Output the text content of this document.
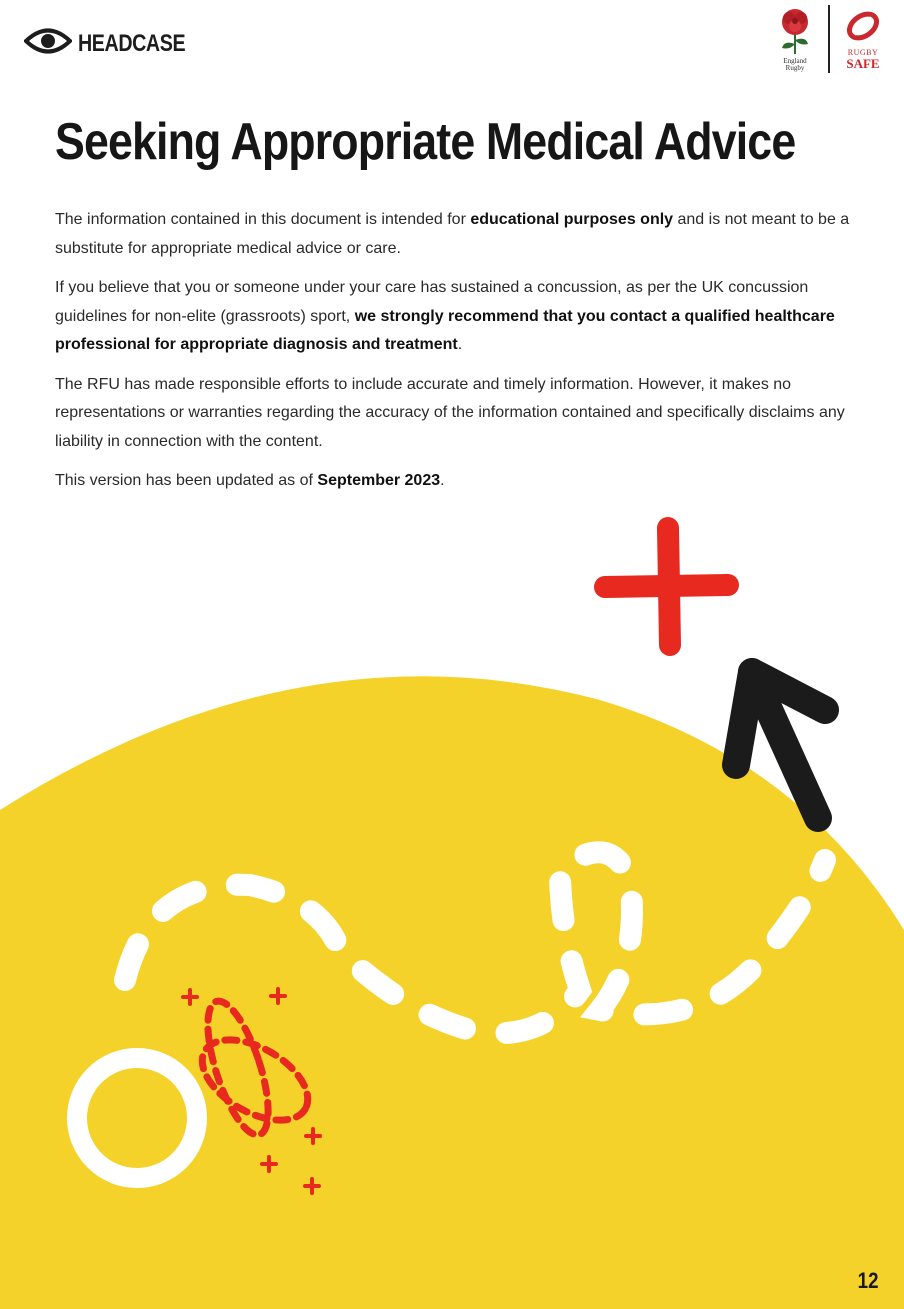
HEADCASE
England
Rugby
RUGBY
SAFE
Seeking Appropriate Medical Advice

The information contained in this document is intended for educational purposes only and is not meant to be a substitute for appropriate medical advice or care.

If you believe that you or someone under your care has sustained a concussion, as per the UK concussion guidelines for non-elite (grassroots) sport, we strongly recommend that you contact a qualified healthcare professional for appropriate diagnosis and treatment.

The RFU has made responsible efforts to include accurate and timely information. However, it makes no representations or warranties regarding the accuracy of the information contained and specifically disclaims any liability in connection with the content.

This version has been updated as of September 2023.

12
